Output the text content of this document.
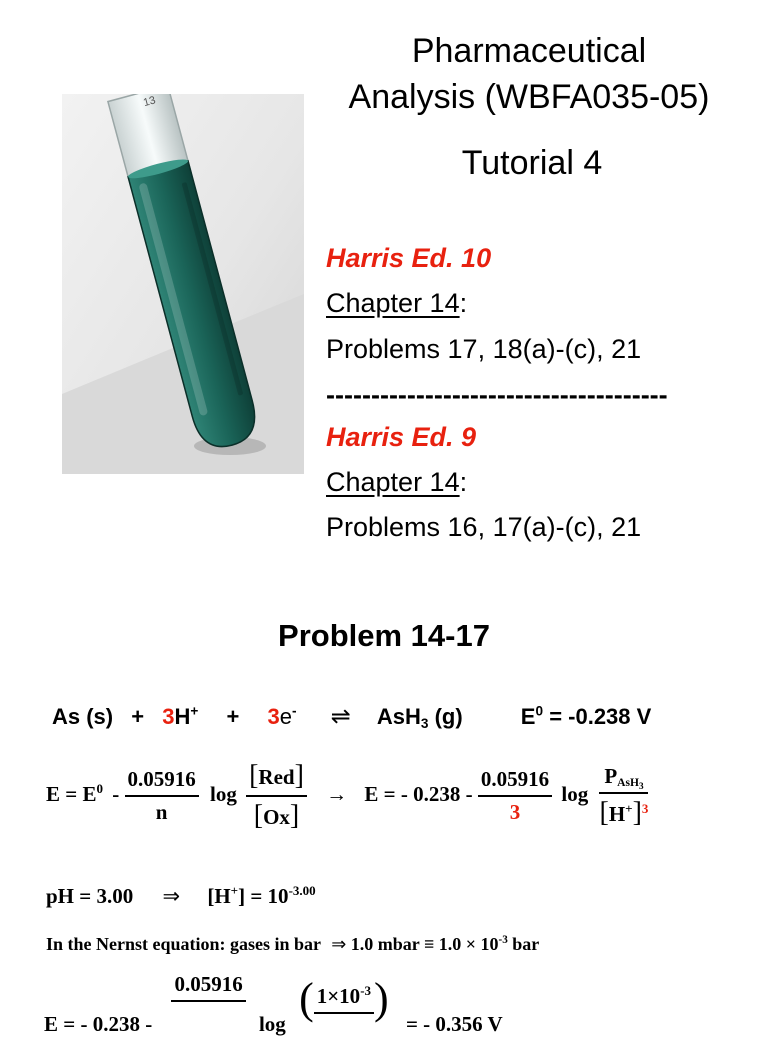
13
Pharmaceutical
Analysis (WBFA035-05)
Tutorial 4
Harris Ed. 10
Chapter 14:
Problems 17, 18(a)-(c), 21
--------------------------------------
Harris Ed. 9
Chapter 14:
Problems 16, 17(a)-(c), 21
Problem 14-17
As (s) + 3H+ + 3e- ⇌ AsH$_3$ (g)	$E^0 = -0.238$ V
$E = E^0 - \frac{0.05916}{n}$ $\log \frac{\text{[Red]}}{[Ox]} \to E$ = - $0.238 - \frac{0.05916}{3}$ $\log \frac{P_{AsH_3}}{[H^+]^3}$
pH = 3.00 ⇒ $[H^+] = 10^{-3.00}$
In the Nernst equation: gases in bar ⇒ 1.0 mbar ≡ $1.0 \times 10^{-3}$ bar
E = - 0.238 -
0.05916
log ( $1\times 10^{-3}$ ) = - 0.356 V
